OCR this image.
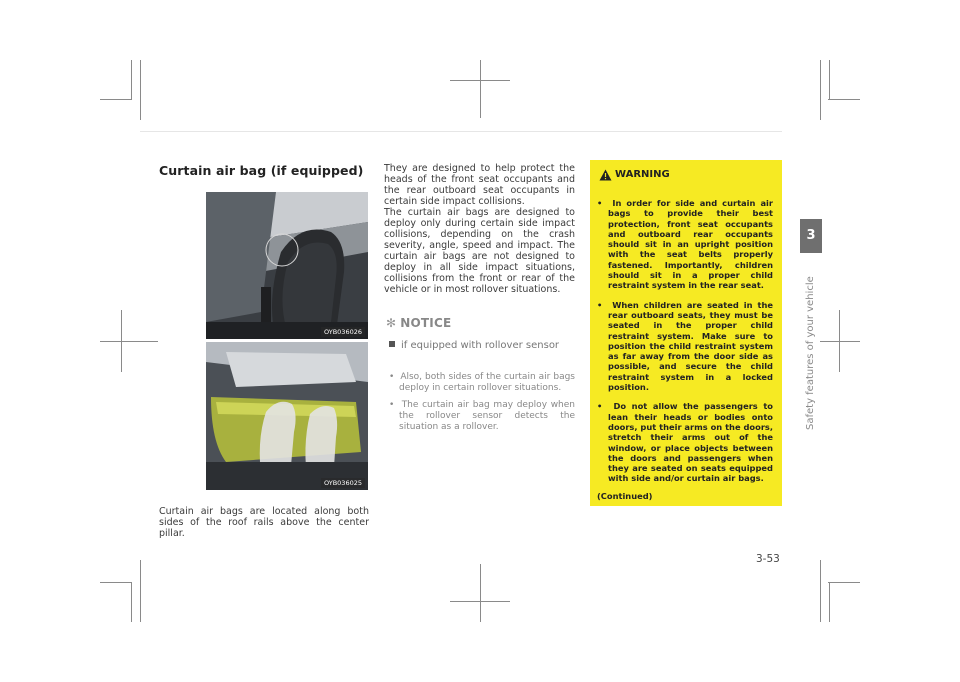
Curtain air bag (if equipped)
OYB036026
OYB036025
Curtain air bags are located along both sides of the roof rails above the center pillar.
They are designed to help protect the heads of the front seat occupants and the rear outboard seat occupants in certain side impact collisions.
The curtain air bags are designed to deploy only during certain side impact collisions, depending on the crash severity, angle, speed and impact. The curtain air bags are not designed to deploy in all side impact situations, collisions from the front or rear of the vehicle or in most rollover situations.
✻ NOTICE
if equipped with rollover sensor
•  Also, both sides of the curtain air bags deploy in certain rollover situations.
•  The curtain air bag may deploy when the rollover sensor detects the situation as a rollover.
WARNING
•  In order for side and curtain air bags to provide their best protection, front seat occupants and outboard rear occupants should sit in an upright position with the seat belts properly fastened. Importantly, children should sit in a proper child restraint system in the rear seat.
•  When children are seated in the rear outboard seats, they must be seated in the proper child restraint system. Make sure to position the child restraint system as far away from the door side as possible, and secure the child restraint system in a locked position.
•  Do not allow the passengers to lean their heads or bodies onto doors, put their arms on the doors, stretch their arms out of the window, or place objects between the doors and passengers when they are seated on seats equipped with side and/or curtain air bags.
(Continued)
3
Safety features of your vehicle
3-53
